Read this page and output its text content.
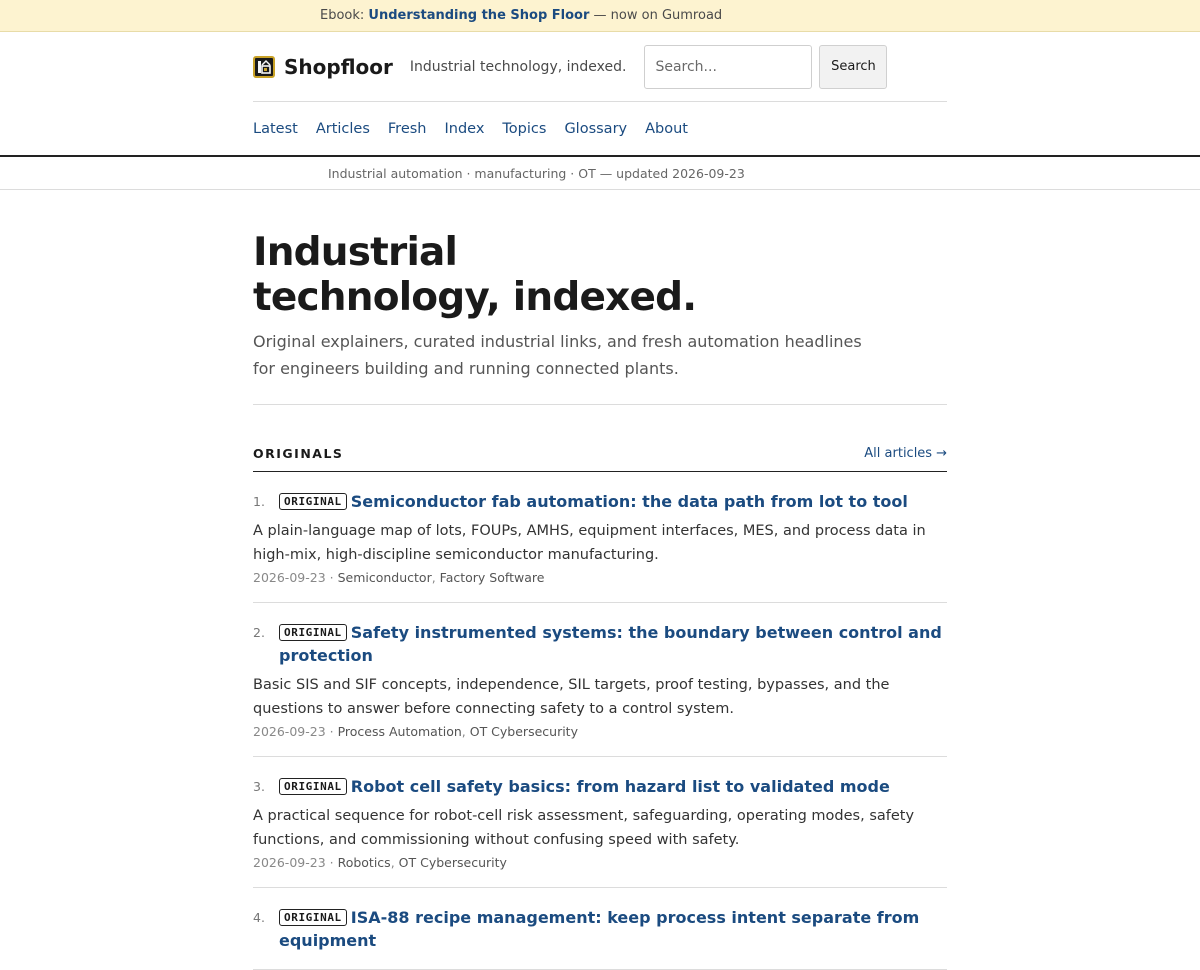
Ebook: Understanding the Shop Floor — now on Gumroad
Shopfloor Industrial technology, indexed.
Search...	Search
Latest Articles Fresh Index Topics Glossary About
Industrial automation · manufacturing · OT — updated 2026-09-23
Industrial technology, indexed.

Original explainers, curated industrial links, and fresh automation headlines for engineers building and running connected plants.

ORIGINALS	All articles →
1.	ORIGINAL Semiconductor fab automation: the data path from lot to tool

A plain-language map of lots, FOUPs, AMHS, equipment interfaces, MES, and process data in high-mix, high-discipline semiconductor manufacturing.

2026-09-23 · Semiconductor, Factory Software
2.	ORIGINAL Safety instrumented systems: the boundary between control and protection

Basic SIS and SIF concepts, independence, SIL targets, proof testing, bypasses, and the questions to answer before connecting safety to a control system.

2026-09-23 · Process Automation, OT Cybersecurity
3.	ORIGINAL Robot cell safety basics: from hazard list to validated mode

A practical sequence for robot-cell risk assessment, safeguarding, operating modes, safety functions, and commissioning without confusing speed with safety.

2026-09-23 · Robotics, OT Cybersecurity
4.	ORIGINAL ISA-88 recipe management: keep process intent separate from equipment
